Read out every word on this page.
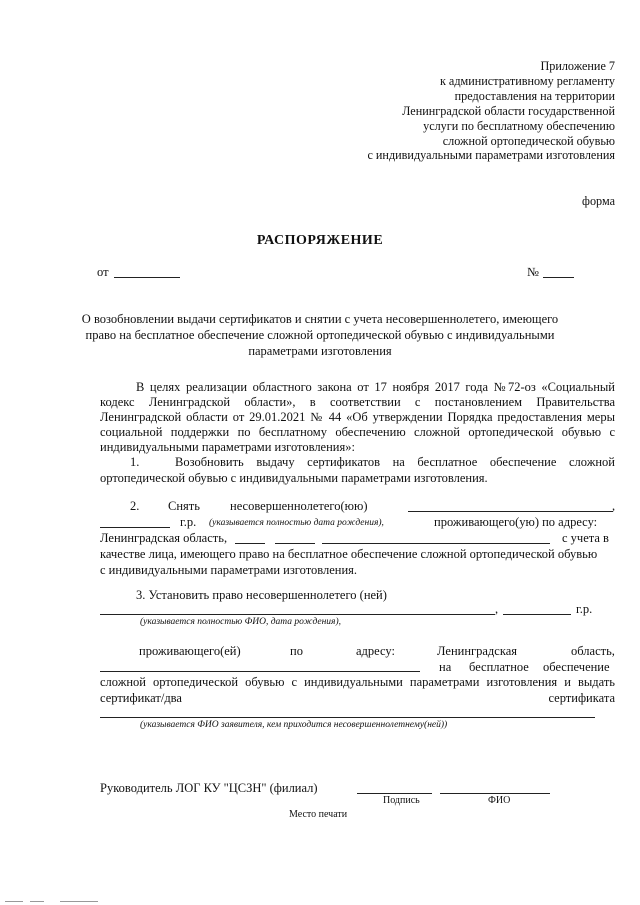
Приложение 7
к административному регламенту
предоставления на территории
Ленинградской области государственной
услуги по бесплатному обеспечению
сложной ортопедической обувью
с индивидуальными параметрами изготовления
форма
РАСПОРЯЖЕНИЕ
от	№
О возобновлении выдачи сертификатов и снятии с учета несовершеннолетего, имеющего
право на бесплатное обеспечение сложной ортопедической обувью с индивидуальными
параметрами изготовления
В целях реализации областного закона от 17 ноября 2017 года №72-оз «Социальный
кодекс Ленинградской области», в соответствии с постановлением Правительства
Ленинградской области от 29.01.2021 № 44 «Об утверждении Порядка предоставления меры
социальной поддержки по бесплатному обеспечению сложной ортопедической обувью с
индивидуальными параметрами изготовления»:
1.	Возобновить выдачу сертификатов на бесплатное обеспечение сложной
ортопедической обувью с индивидуальными параметрами изготовления.
2. Снять несовершеннолетего(юю)	,
г.р. (указывается полностью дата рождения),	проживающего(ую) по адресу:
Ленинградская область,	с учета в
качестве лица, имеющего право на бесплатное обеспечение сложной ортопедической обувью
с индивидуальными параметрами изготовления.
3. Установить право несовершеннолетего (ней)
,	г.р.
(указывается полностью ФИО, дата рождения),
проживающего(ей)	по	адресу:	Ленинградская	область,
на бесплатное обеспечение
сложной ортопедической обувью с индивидуальными параметрами изготовления и выдать
сертификат/два	сертификата
(указывается ФИО заявителя, кем приходится несовершеннолетнему(ней))
Руководитель ЛОГ КУ "ЦСЗН" (филиал)
Подпись	ФИО
Место печати
